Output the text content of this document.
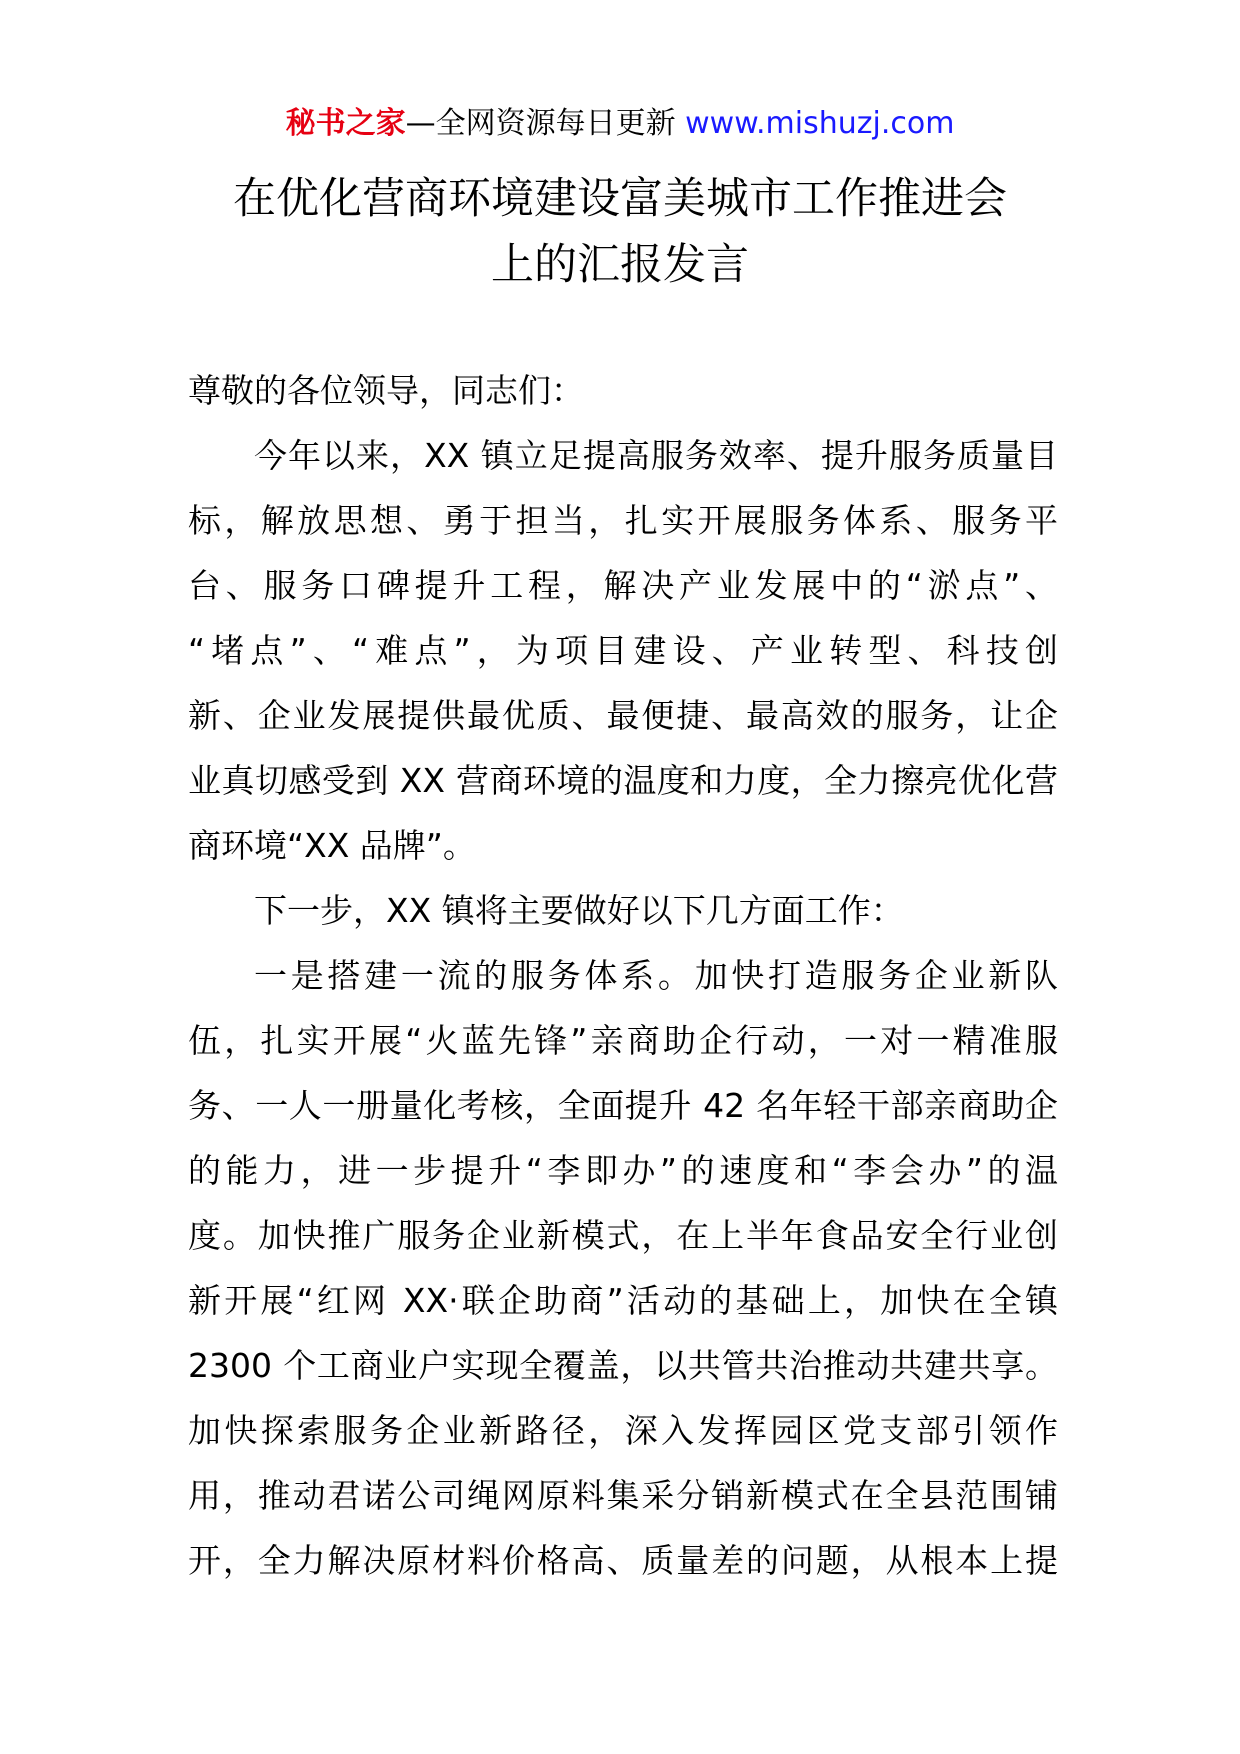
秘书之家—全网资源每日更新 www.mishuzj.com
在优化营商环境建设富美城市工作推进会
上的汇报发言
尊敬的各位领导，同志们：
今年以来，XX 镇立足提高服务效率、提升服务质量目
标，解放思想、勇于担当，扎实开展服务体系、服务平
台、服务口碑提升工程，解决产业发展中的“淤点”、
“堵点”、“难点”，为项目建设、产业转型、科技创
新、企业发展提供最优质、最便捷、最高效的服务，让企
业真切感受到 XX 营商环境的温度和力度，全力擦亮优化营
商环境“XX 品牌”。
下一步，XX 镇将主要做好以下几方面工作：
一是搭建一流的服务体系。加快打造服务企业新队
伍，扎实开展“火蓝先锋”亲商助企行动，一对一精准服
务、一人一册量化考核，全面提升 42 名年轻干部亲商助企
的能力，进一步提升“李即办”的速度和“李会办”的温
度。加快推广服务企业新模式，在上半年食品安全行业创
新开展“红网 XX·联企助商”活动的基础上，加快在全镇
2300 个工商业户实现全覆盖，以共管共治推动共建共享。
加快探索服务企业新路径，深入发挥园区党支部引领作
用，推动君诺公司绳网原料集采分销新模式在全县范围铺
开，全力解决原材料价格高、质量差的问题，从根本上提
